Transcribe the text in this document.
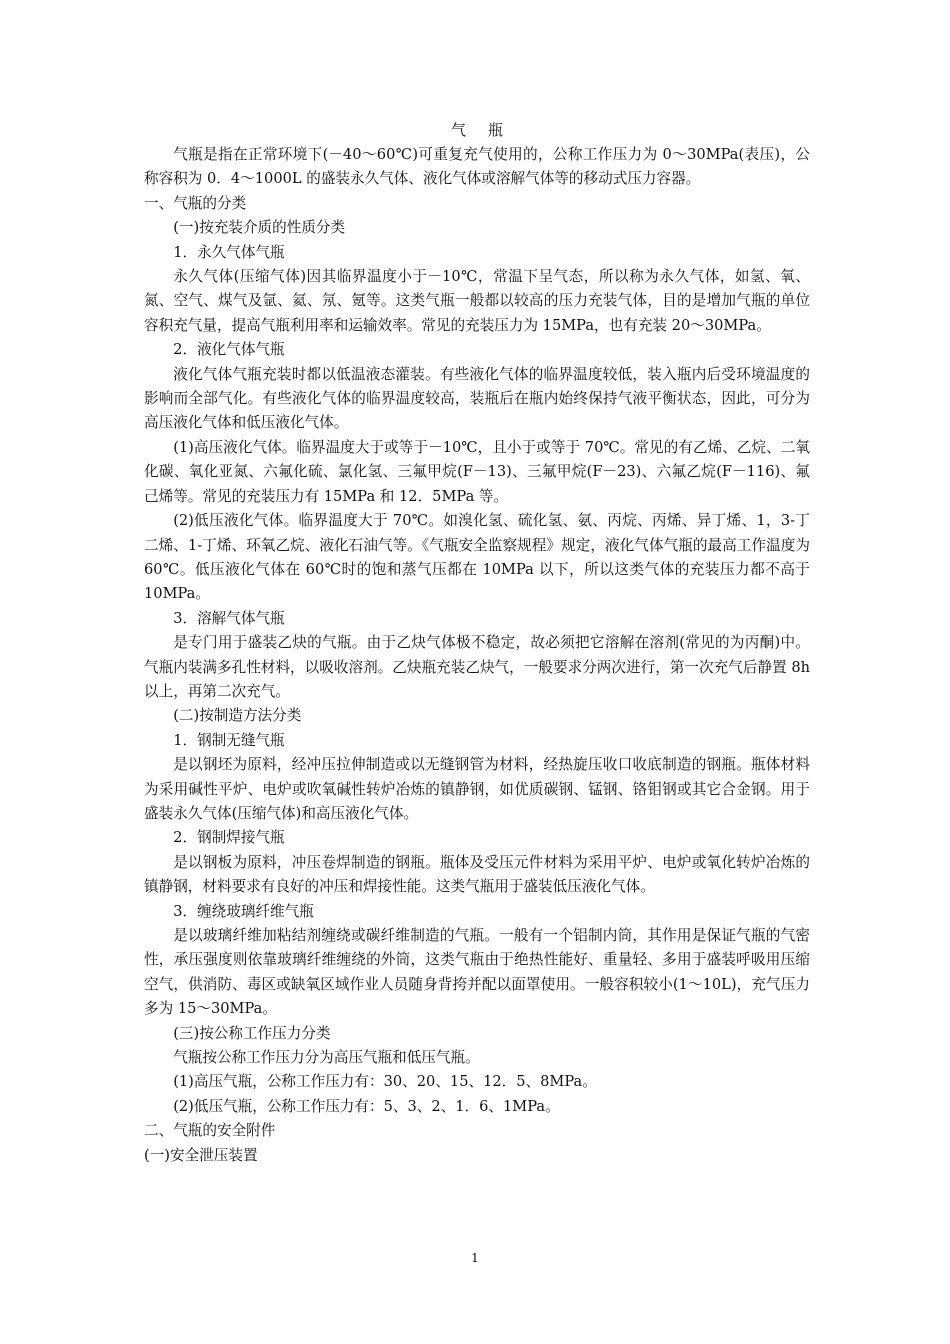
气瓶

气瓶是指在正常环境下(－40～60℃)可重复充气使用的，公称工作压力为 0～30MPa(表压)，公称容积为 0．4～1000L 的盛装永久气体、液化气体或溶解气体等的移动式压力容器。

一、气瓶的分类

(一)按充装介质的性质分类

1．永久气体气瓶

永久气体(压缩气体)因其临界温度小于－10℃，常温下呈气态，所以称为永久气体，如氢、氧、氮、空气、煤气及氩、氦、氖、氪等。这类气瓶一般都以较高的压力充装气体，目的是增加气瓶的单位容积充气量，提高气瓶利用率和运输效率。常见的充装压力为 15MPa，也有充装 20～30MPa。

2．液化气体气瓶

液化气体气瓶充装时都以低温液态灌装。有些液化气体的临界温度较低，装入瓶内后受环境温度的影响而全部气化。有些液化气体的临界温度较高，装瓶后在瓶内始终保持气液平衡状态，因此，可分为高压液化气体和低压液化气体。

(1)高压液化气体。临界温度大于或等于－10℃，且小于或等于 70℃。常见的有乙烯、乙烷、二氧化碳、氧化亚氮、六氟化硫、氯化氢、三氟甲烷(F－13)、三氟甲烷(F－23)、六氟乙烷(F－116)、氟己烯等。常见的充装压力有 15MPa 和 12．5MPa 等。

(2)低压液化气体。临界温度大于 70℃。如溴化氢、硫化氢、氨、丙烷、丙烯、异丁烯、1，3-丁二烯、1-丁烯、环氧乙烷、液化石油气等。《气瓶安全监察规程》规定，液化气体气瓶的最高工作温度为 60℃。低压液化气体在 60℃时的饱和蒸气压都在 10MPa 以下，所以这类气体的充装压力都不高于 10MPa。

3．溶解气体气瓶

是专门用于盛装乙炔的气瓶。由于乙炔气体极不稳定，故必须把它溶解在溶剂(常见的为丙酮)中。气瓶内装满多孔性材料，以吸收溶剂。乙炔瓶充装乙炔气，一般要求分两次进行，第一次充气后静置 8h 以上，再第二次充气。

(二)按制造方法分类

1．钢制无缝气瓶

是以钢坯为原料，经冲压拉伸制造或以无缝钢管为材料，经热旋压收口收底制造的钢瓶。瓶体材料为采用碱性平炉、电炉或吹氧碱性转炉冶炼的镇静钢，如优质碳钢、锰钢、铬钼钢或其它合金钢。用于盛装永久气体(压缩气体)和高压液化气体。

2．钢制焊接气瓶

是以钢板为原料，冲压卷焊制造的钢瓶。瓶体及受压元件材料为采用平炉、电炉或氧化转炉冶炼的镇静钢，材料要求有良好的冲压和焊接性能。这类气瓶用于盛装低压液化气体。

3．缠绕玻璃纤维气瓶

是以玻璃纤维加粘结剂缠绕或碳纤维制造的气瓶。一般有一个铝制内筒，其作用是保证气瓶的气密性，承压强度则依靠玻璃纤维缠绕的外筒，这类气瓶由于绝热性能好、重量轻、多用于盛装呼吸用压缩空气，供消防、毒区或缺氧区域作业人员随身背挎并配以面罩使用。一般容积较小(1～10L)，充气压力多为 15～30MPa。

(三)按公称工作压力分类

气瓶按公称工作压力分为高压气瓶和低压气瓶。

(1)高压气瓶，公称工作压力有：30、20、15、12．5、8MPa。

(2)低压气瓶，公称工作压力有：5、3、2、1．6、1MPa。

二、气瓶的安全附件

(一)安全泄压装置

1
